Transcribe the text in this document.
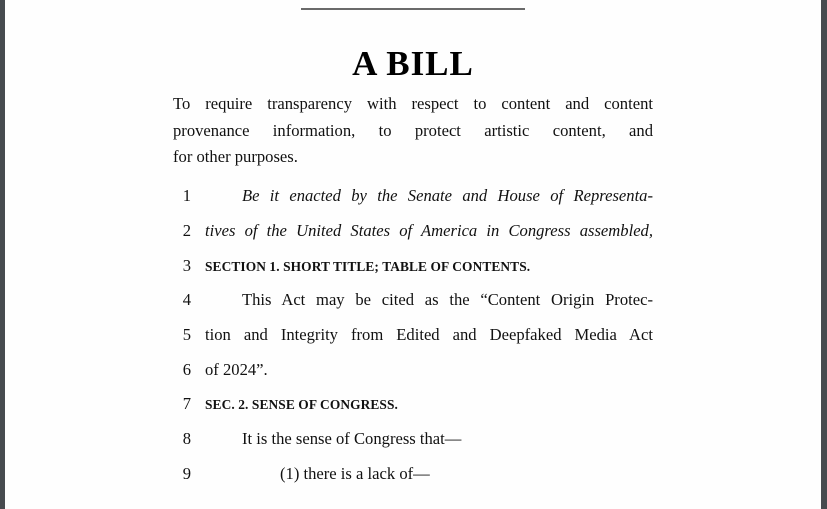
A BILL
To require transparency with respect to content and content
provenance information, to protect artistic content, and
for other purposes.
1	Be it enacted by the Senate and House of Representa-
2 tives of the United States of America in Congress assembled,
3 SECTION 1. SHORT TITLE; TABLE OF CONTENTS.
4	This Act may be cited as the “Content Origin Protec-
5 tion and Integrity from Edited and Deepfaked Media Act
6 of 2024”.
7 SEC. 2. SENSE OF CONGRESS.
8	It is the sense of Congress that—
9	(1) there is a lack of—
